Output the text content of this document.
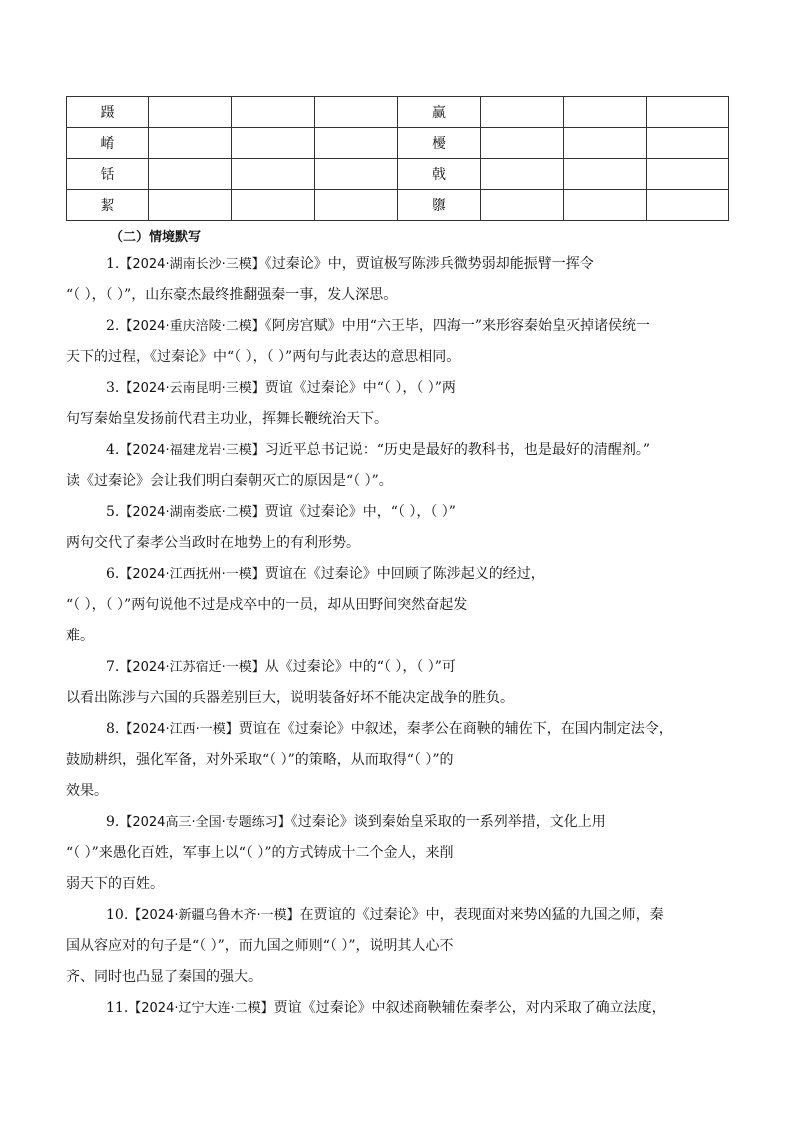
蹑				赢			
崤				櫌			
铦				戟			
絜				隳			
（二）情境默写

1.【2024·湖南长沙·三模】《过秦论》中，贾谊极写陈涉兵微势弱却能振臂一挥令

“（ ），（ ）”，山东豪杰最终推翻强秦一事，发人深思。

2.【2024·重庆涪陵·二模】《阿房宫赋》中用“六王毕，四海一”来形容秦始皇灭掉诸侯统一

天下的过程，《过秦论》中“（ ），（ ）”两句与此表达的意思相同。

3.【2024·云南昆明·三模】贾谊《过秦论》中“（ ），（ ）”两

句写秦始皇发扬前代君主功业，挥舞长鞭统治天下。

4.【2024·福建龙岩·三模】习近平总书记说：“历史是最好的教科书，也是最好的清醒剂。”

读《过秦论》会让我们明白秦朝灭亡的原因是“（ ）”。

5.【2024·湖南娄底·二模】贾谊《过秦论》中，“（ ），（ ）”

两句交代了秦孝公当政时在地势上的有利形势。

6.【2024·江西抚州·一模】贾谊在《过秦论》中回顾了陈涉起义的经过，

“（ ），（ ）”两句说他不过是戍卒中的一员，却从田野间突然奋起发

难。

7.【2024·江苏宿迁·一模】从《过秦论》中的“（ ），（ ）”可

以看出陈涉与六国的兵器差别巨大，说明装备好坏不能决定战争的胜负。

8.【2024·江西·一模】贾谊在《过秦论》中叙述，秦孝公在商鞅的辅佐下，在国内制定法令，

鼓励耕织，强化军备，对外采取“（ ）”的策略，从而取得“（ ）”的

效果。

9.【2024高三·全国·专题练习】《过秦论》谈到秦始皇采取的一系列举措，文化上用

“（ ）”来愚化百姓，军事上以“（ ）”的方式铸成十二个金人，来削

弱天下的百姓。

10.【2024·新疆乌鲁木齐·一模】在贾谊的《过秦论》中，表现面对来势凶猛的九国之师，秦

国从容应对的句子是“（ ）”，而九国之师则“（ ）”，说明其人心不

齐、同时也凸显了秦国的强大。

11.【2024·辽宁大连·二模】贾谊《过秦论》中叙述商鞅辅佐秦孝公，对内采取了确立法度，
